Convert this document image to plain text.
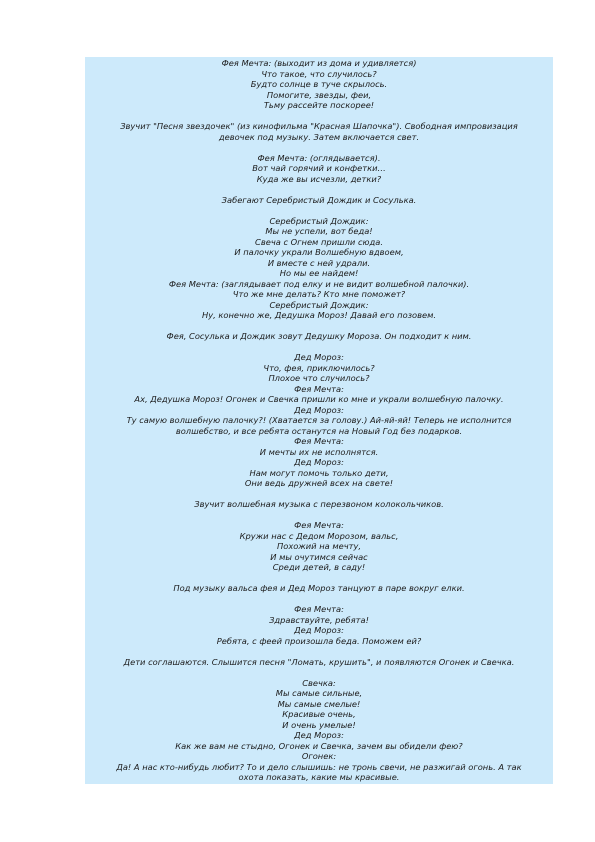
Фея Мечта: (выходит из дома и удивляется)
Что такое, что случилось?
Будто солнце в туче скрылось.
Помогите, звезды, феи,
Тьму рассейте поскорее!
Звучит "Песня звездочек" (из кинофильма "Красная Шапочка"). Свободная импровизация
девочек под музыку. Затем включается свет.
Фея Мечта: (оглядывается).
Вот чай горячий и конфетки…
Куда же вы исчезли, детки?
Забегают Серебристый Дождик и Сосулька.
Серебристый Дождик:
Мы не успели, вот беда!
Свеча с Огнем пришли сюда.
И палочку украли Волшебную вдвоем,
И вместе с ней удрали.
Но мы ее найдем!
Фея Мечта: (заглядывает под елку и не видит волшебной палочки).
Что же мне делать? Кто мне поможет?
Серебристый Дождик:
Ну, конечно же, Дедушка Мороз! Давай его позовем.
Фея, Сосулька и Дождик зовут Дедушку Мороза. Он подходит к ним.
Дед Мороз:
Что, фея, приключилось?
Плохое что случилось?
Фея Мечта:
Ах, Дедушка Мороз! Огонек и Свечка пришли ко мне и украли волшебную палочку.
Дед Мороз:
Ту самую волшебную палочку?! (Хватается за голову.) Ай-яй-яй! Теперь не исполнится
волшебство, и все ребята останутся на Новый Год без подарков.
Фея Мечта:
И мечты их не исполнятся.
Дед Мороз:
Нам могут помочь только дети,
Они ведь дружней всех на свете!
Звучит волшебная музыка с перезвоном колокольчиков.
Фея Мечта:
Кружи нас с Дедом Морозом, вальс,
Похожий на мечту,
И мы очутимся сейчас
Среди детей, в саду!
Под музыку вальса фея и Дед Мороз танцуют в паре вокруг елки.
Фея Мечта:
Здравствуйте, ребята!
Дед Мороз:
Ребята, с феей произошла беда. Поможем ей?
Дети соглашаются. Слышится песня "Ломать, крушить", и появляются Огонек и Свечка.
Свечка:
Мы самые сильные,
Мы самые смелые!
Красивые очень,
И очень умелые!
Дед Мороз:
Как же вам не стыдно, Огонек и Свечка, зачем вы обидели фею?
Огонек:
Да! А нас кто-нибудь любит? То и дело слышишь: не тронь свечи, не разжигай огонь. А так
охота показать, какие мы красивые.
